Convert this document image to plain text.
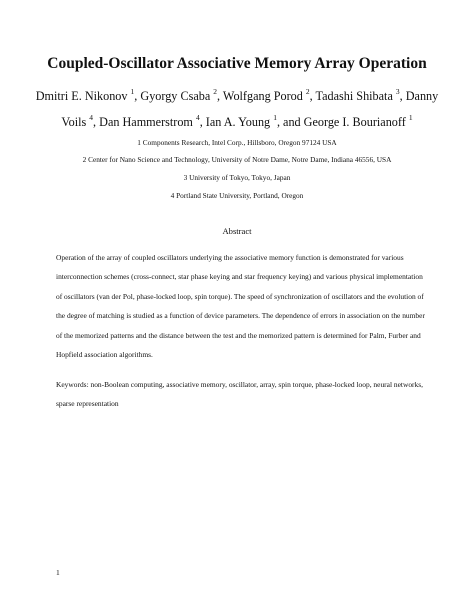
Coupled-Oscillator Associative Memory Array Operation
Dmitri E. Nikonov $^1$, Gyorgy Csaba $^2$, Wolfgang Porod $^2$, Tadashi Shibata $^3$, Danny
Voils $^4$, Dan Hammerstrom $^4$, Ian A. Young $^1$, and George I. Bourianoff $^1$
1 Components Research, Intel Corp., Hillsboro, Oregon 97124 USA
2 Center for Nano Science and Technology, University of Notre Dame, Notre Dame, Indiana 46556, USA
3 University of Tokyo, Tokyo, Japan
4 Portland State University, Portland, Oregon
Abstract

Operation of the array of coupled oscillators underlying the associative memory function is demonstrated for various interconnection schemes (cross-connect, star phase keying and star frequency keying) and various physical implementation of oscillators (van der Pol, phase-locked loop, spin torque). The speed of synchronization of oscillators and the evolution of the degree of matching is studied as a function of device parameters. The dependence of errors in association on the number of the memorized patterns and the distance between the test and the memorized pattern is determined for Palm, Furber and Hopfield association algorithms.

Keywords: non-Boolean computing, associative memory, oscillator, array, spin torque, phase-locked loop, neural networks, sparse representation

1
